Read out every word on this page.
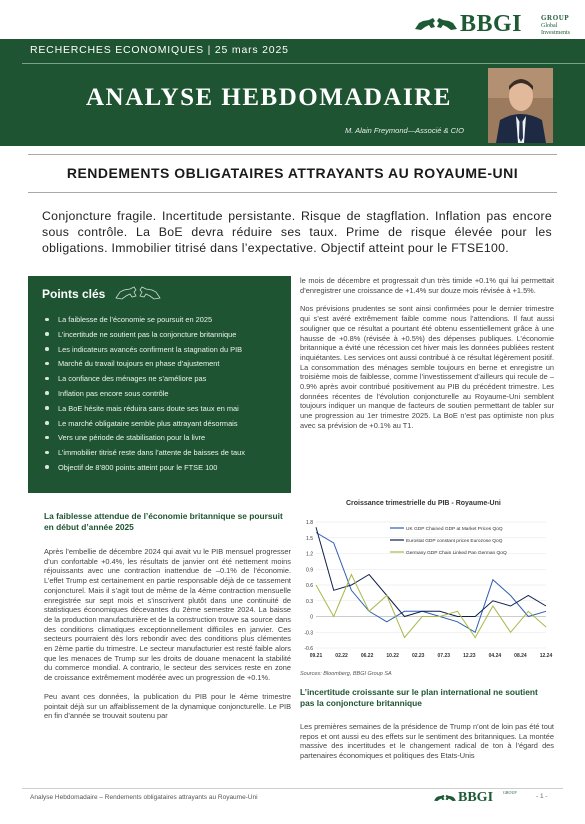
BBGI	GROUP
Global
Investments
RECHERCHES ECONOMIQUES | 25 mars 2025
ANALYSE HEBDOMADAIRE
M. Alain Freymond—Associé & CIO
RENDEMENTS OBLIGATAIRES ATTRAYANTS AU ROYAUME-UNI
Conjoncture fragile. Incertitude persistante. Risque de stagflation. Inflation pas encore sous contrôle. La BoE devra réduire ses taux. Prime de risque élevée pour les obligations. Immobilier titrisé dans l’expectative. Objectif atteint pour le FTSE100.
Points clés
La faiblesse de l’économie se poursuit en 2025
L’incertitude ne soutient pas la conjoncture britannique
Les indicateurs avancés confirment la stagnation du PIB
Marché du travail toujours en phase d’ajustement
La confiance des ménages ne s’améliore pas
Inflation pas encore sous contrôle
La BoE hésite mais réduira sans doute ses taux en mai
Le marché obligataire semble plus attrayant désormais
Vers une période de stabilisation pour la livre
L’immobilier titrisé reste dans l’attente de baisses de taux
Objectif de 8’800 points atteint pour le FTSE 100
La faiblesse attendue de l’économie britannique se poursuit en début d’année 2025

Après l’embellie de décembre 2024 qui avait vu le PIB mensuel progresser d’un confortable +0.4%, les résultats de janvier ont été nettement moins réjouissants avec une contraction inattendue de –0.1% de l’économie. L’effet Trump est certainement en partie responsable déjà de ce tassement conjoncturel. Mais il s’agit tout de même de la 4ème contraction mensuelle enregistrée sur sept mois et s’inscrivent plutôt dans une continuité de statistiques économiques décevantes du 2ème semestre 2024. La baisse de la production manufacturière et de la construction trouve sa source dans des conditions climatiques exceptionnellement difficiles en janvier. Ces secteurs pourraient dès lors rebondir avec des conditions plus clémentes en 2ème partie du trimestre. Le secteur manufacturier est resté faible alors que les menaces de Trump sur les droits de douane menacent la stabilité du commerce mondial. A contrario, le secteur des services reste en zone de croissance extrêmement modérée avec un progression de +0.1%.

Peu avant ces données, la publication du PIB pour le 4ème trimestre pointait déjà sur un affaiblissement de la dynamique conjoncturelle. Le PIB en fin d’année se trouvait soutenu par

le mois de décembre et progressait d’un très timide +0.1% qui lui permettait d’enregistrer une croissance de +1.4% sur douze mois révisée à +1.5%.

Nos prévisions prudentes se sont ainsi confirmées pour le dernier trimestre qui s’est avéré extrêmement faible comme nous l’attendions. Il faut aussi souligner que ce résultat a pourtant été obtenu essentiellement grâce à une hausse de +0.8% (révisée à +0.5%) des dépenses publiques. L’économie britannique a évité une récession cet hiver mais les données publiées restent inquiétantes. Les services ont aussi contribué à ce résultat légèrement positif. La consommation des ménages semble toujours en berne et enregistre un troisième mois de faiblesse, comme l’investissement d’ailleurs qui recule de –0.9% après avoir contribué positivement au PIB du précédent trimestre. Les données récentes de l’évolution conjoncturelle au Royaume-Uni semblent toujours indiquer un manque de facteurs de soutien permettant de tabler sur une progression au 1er trimestre 2025. La BoE n’est pas optimiste non plus avec sa prévision de +0.1% au T1.

Croissance trimestrielle du PIB - Royaume-Uni
1.8
1.5
1.2
0.9
0.6
0.3
0
-0.3
-0.6
09.21	02.22	06.22	10.22	02.23	07.23	12.23	04.24	08.24	12.24
UK GDP Chained GDP at Market Prices QoQ
Eurostat GDP constant prices Eurozone QoQ
Germany GDP Chain Linked Pan German QoQ
Sources: Bloomberg, BBGI Group SA
L’incertitude croissante sur le plan international ne soutient pas la conjoncture britannique

Les premières semaines de la présidence de Trump n’ont de loin pas été tout repos et ont aussi eu des effets sur le sentiment des britanniques. La montée massive des incertitudes et le changement radical de ton à l’égard des partenaires économiques et politiques des Etats-Unis

Analyse Hebdomadaire – Rendements obligataires attrayants au Royaume-Uni	BBGI GROUP
- 1 -
